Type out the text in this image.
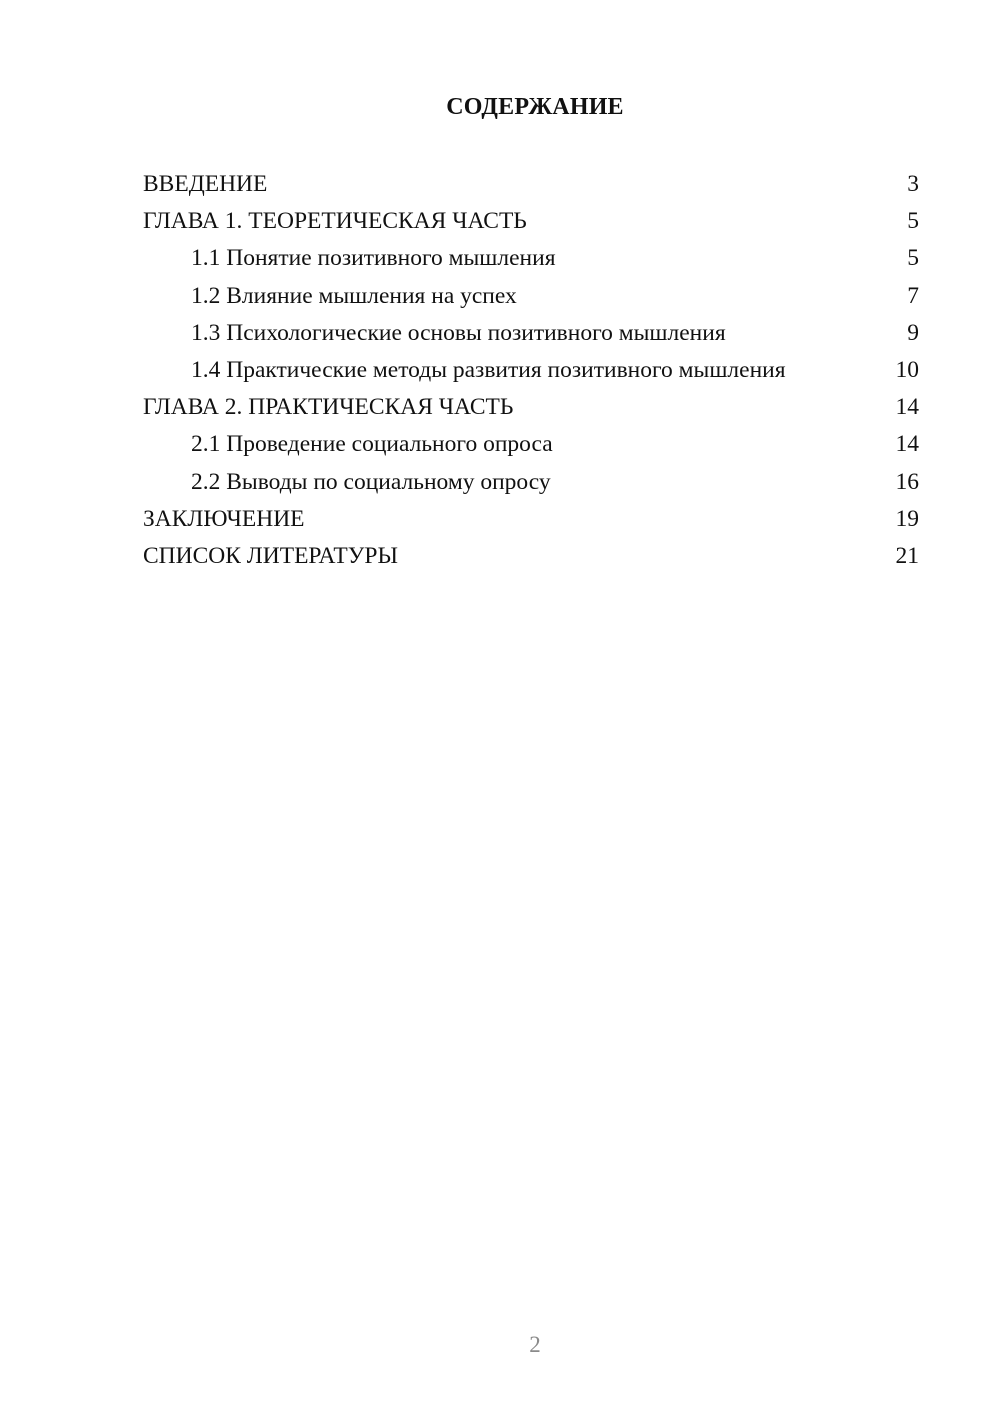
СОДЕРЖАНИЕ
ВВЕДЕНИЕ	3
ГЛАВА 1. ТЕОРЕТИЧЕСКАЯ ЧАСТЬ	5
1.1 Понятие позитивного мышления	5
1.2 Влияние мышления на успех	7
1.3 Психологические основы позитивного мышления	9
1.4 Практические методы развития позитивного мышления	10
ГЛАВА 2. ПРАКТИЧЕСКАЯ ЧАСТЬ	14
2.1 Проведение социального опроса	14
2.2 Выводы по социальному опросу	16
ЗАКЛЮЧЕНИЕ	19
СПИСОК ЛИТЕРАТУРЫ	21
2
